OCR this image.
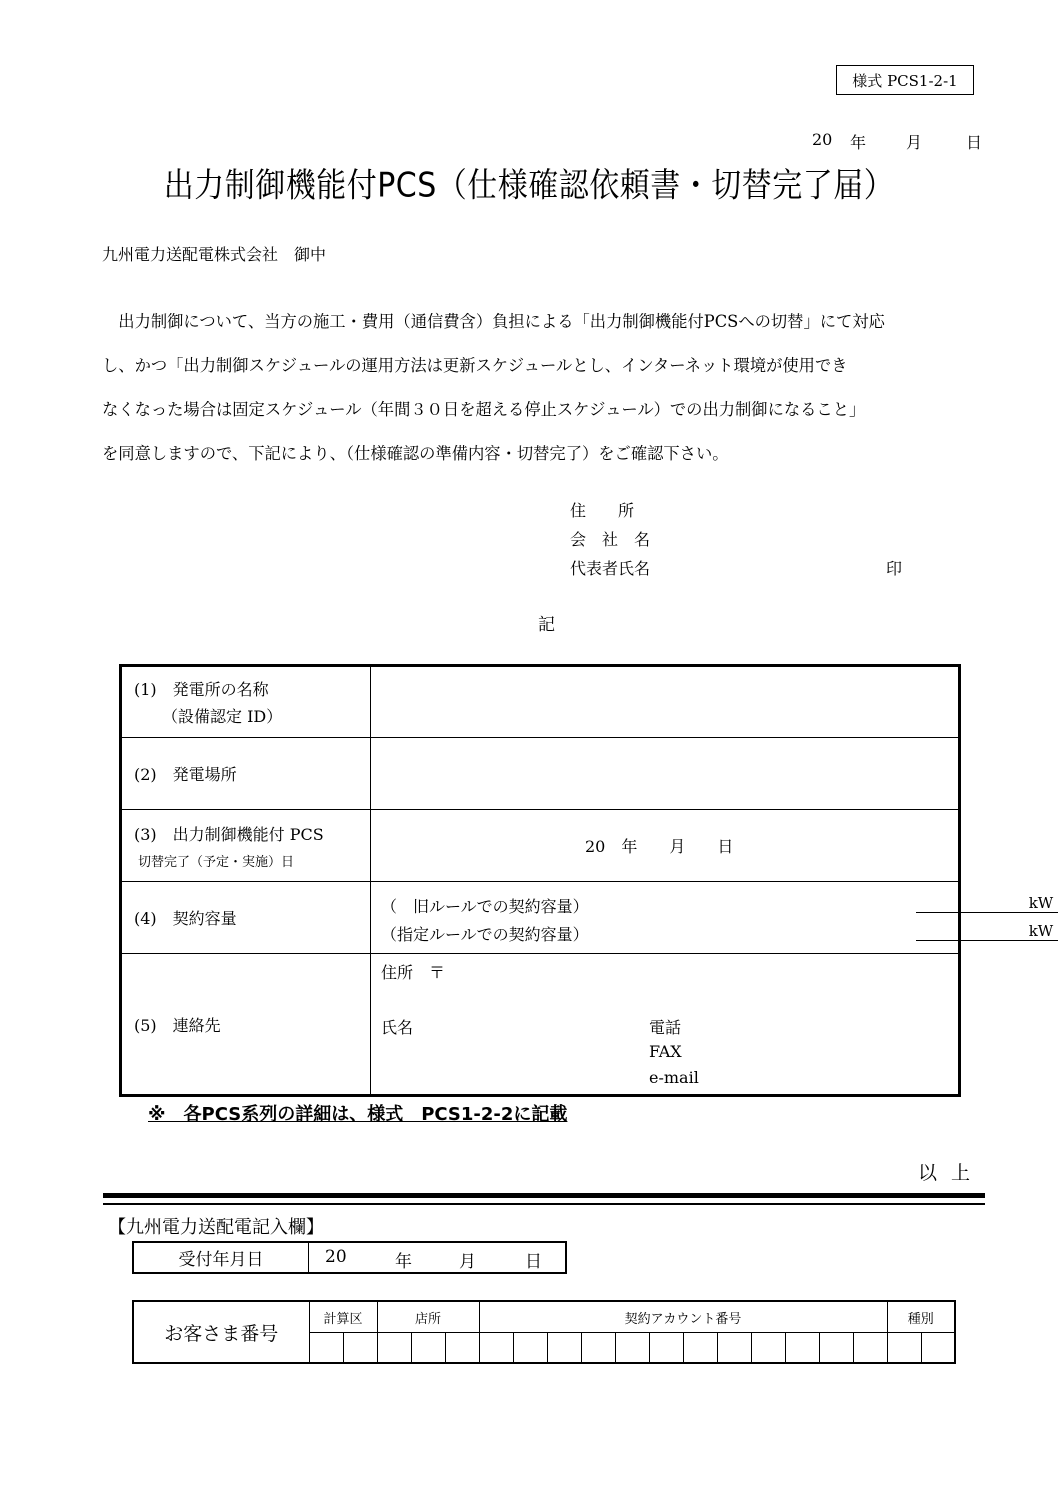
様式 PCS1-2-1
20 年 月	日
出力制御機能付PCS（仕様確認依頼書・切替完了届）
九州電力送配電株式会社　御中
　出力制御について、当方の施工・費用（通信費含）負担による「出力制御機能付PCSへの切替」にて対応
し、かつ「出力制御スケジュールの運用方法は更新スケジュールとし、インターネット環境が使用でき
なくなった場合は固定スケジュール（年間３０日を超える停止スケジュール）での出力制御になること」
を同意しますので、下記により、（仕様確認の準備内容・切替完了）をご確認下さい。
住　　所
会　社　名
代表者氏名	印
記
(1)　発電所の名称
（設備認定 ID）	

(2)　発電場所	

(3)　出力制御機能付 PCS
切替完了（予定・実施）日	20　年　　月　　日

(4)　契約容量	（　旧ルールでの契約容量） kW
（指定ルールでの契約容量） kW

(5)　連絡先	住所　〒
氏名 電話
FAX
e-mail
※　各PCS系列の詳細は、様式　PCS1-2-2に記載
以上
【九州電力送配電記入欄】
受付年月日	20	年	月	日
お客さま番号	計算区		店所			契約アカウント番号												種別	
